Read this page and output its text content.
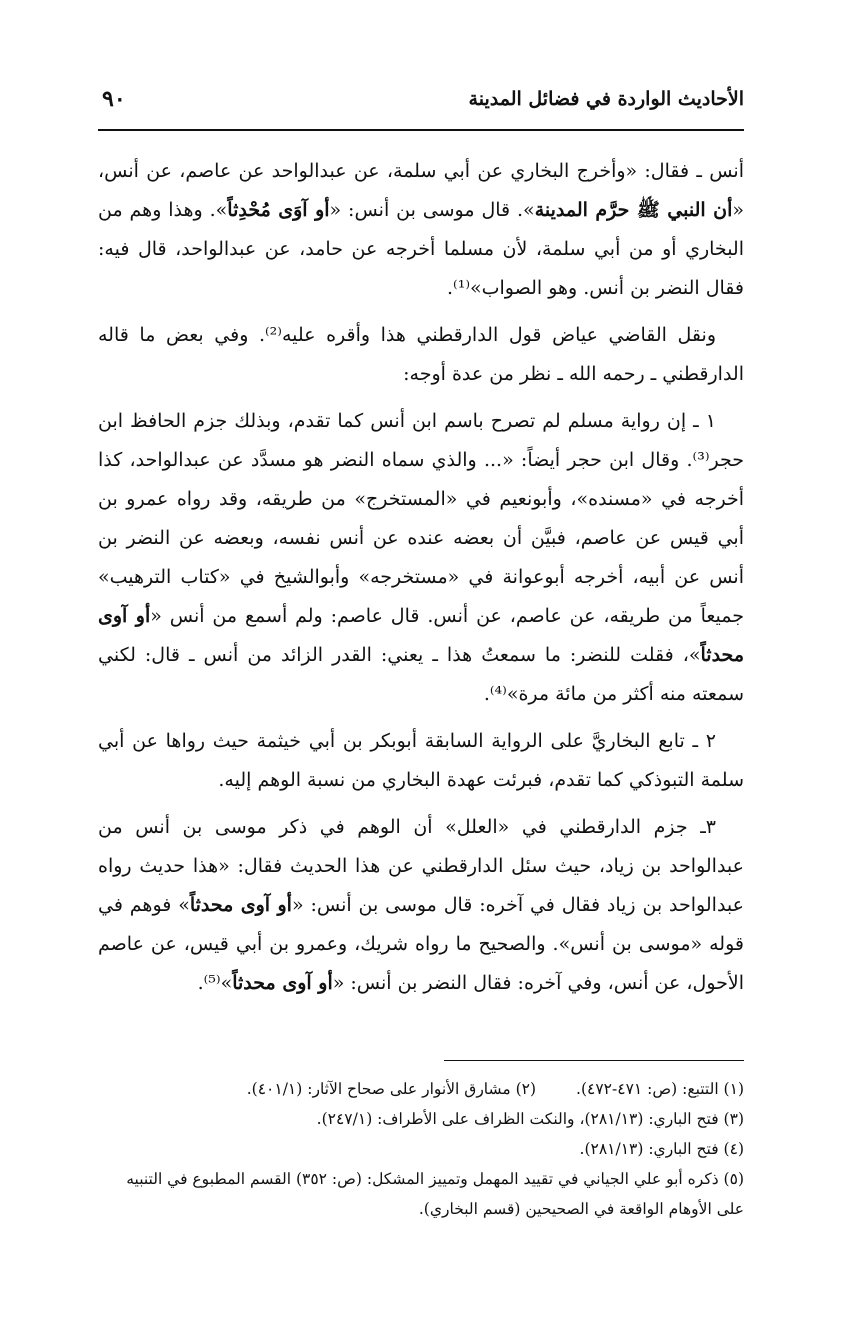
الأحاديث الواردة في فضائل المدينة
٩٠

أنس ـ فقال: «وأخرج البخاري عن أبي سلمة، عن عبدالواحد عن عاصم، عن أنس، «أن النبي ﷺ حرَّم المدينة». قال موسى بن أنس: «أو آوَى مُحْدِثاً». وهذا وهم من البخاري أو من أبي سلمة، لأن مسلما أخرجه عن حامد، عن عبدالواحد، قال فيه: فقال النضر بن أنس. وهو الصواب»⁽¹⁾.

ونقل القاضي عياض قول الدارقطني هذا وأقره عليه⁽²⁾. وفي بعض ما قاله الدارقطني ـ رحمه الله ـ نظر من عدة أوجه:

١ ـ إن رواية مسلم لم تصرح باسم ابن أنس كما تقدم، وبذلك جزم الحافظ ابن حجر⁽³⁾. وقال ابن حجر أيضاً: «... والذي سماه النضر هو مسدَّد عن عبدالواحد، كذا أخرجه في «مسنده»، وأبونعيم في «المستخرج» من طريقه، وقد رواه عمرو بن أبي قيس عن عاصم، فبيَّن أن بعضه عنده عن أنس نفسه، وبعضه عن النضر بن أنس عن أبيه، أخرجه أبوعوانة في «مستخرجه» وأبوالشيخ في «كتاب الترهيب» جميعاً من طريقه، عن عاصم، عن أنس. قال عاصم: ولم أسمع من أنس «أو آوى محدثاً»، فقلت للنضر: ما سمعتُ هذا ـ يعني: القدر الزائد من أنس ـ قال: لكني سمعته منه أكثر من مائة مرة»⁽⁴⁾.

٢ ـ تابع البخاريَّ على الرواية السابقة أبوبكر بن أبي خيثمة حيث رواها عن أبي سلمة التبوذكي كما تقدم، فبرئت عهدة البخاري من نسبة الوهم إليه.

٣ـ جزم الدارقطني في «العلل» أن الوهم في ذكر موسى بن أنس من عبدالواحد بن زياد، حيث سئل الدارقطني عن هذا الحديث فقال: «هذا حديث رواه عبدالواحد بن زياد فقال في آخره: قال موسى بن أنس: «أو آوى محدثاً» فوهم في قوله «موسى بن أنس». والصحيح ما رواه شريك، وعمرو بن أبي قيس، عن عاصم الأحول، عن أنس، وفي آخره: فقال النضر بن أنس: «أو آوى محدثاً»⁽⁵⁾.

(١) التتبع: (ص: ٤٧١-٤٧٢).(٢) مشارق الأنوار على صحاح الآثار: (٤٠١/١).

(٣) فتح الباري: (٢٨١/١٣)، والنكت الظراف على الأطراف: (٢٤٧/١).

(٤) فتح الباري: (٢٨١/١٣).

(٥) ذكره أبو علي الجياني في تقييد المهمل وتمييز المشكل: (ص: ٣٥٢) القسم المطبوع في التنبيه على الأوهام الواقعة في الصحيحين (قسم البخاري).
